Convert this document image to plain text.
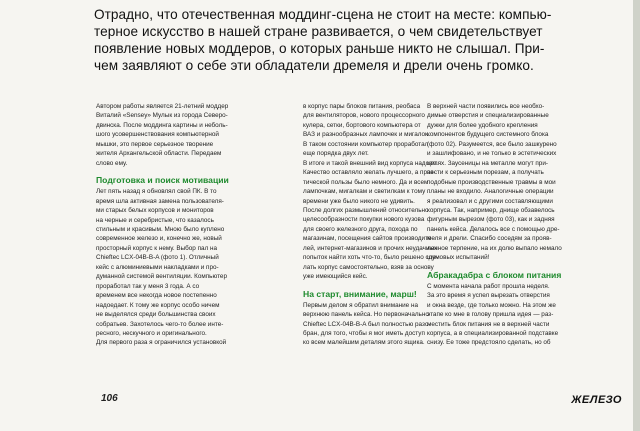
Отрадно, что отечественная моддинг-сцена не стоит на месте: компью-

терное искусство в нашей стране развивается, о чем свидетельствует

появление новых моддеров, о которых раньше никто не слышал. При-

чем заявляют о себе эти обладатели дремеля и дрели очень громко.

Автором работы является 21-летний моддер

Виталий «Sensey» Мулык из города Северо-

двинска. После моддинга картины и неболь-

шого усовершенствования компьютерной

мышки, это первое серьезное творение

жителя Архангельской области. Передаем

слово ему.

Подготовка и поиск мотивации

Лет пять назад я обновлял свой ПК. В то

время шла активная замена пользователя-

ми старых белых корпусов и мониторов

на черные и серебристые, что казалось

стильным и красивым. Мною было куплено

современное железо и, конечно же, новый

просторный корпус к нему. Выбор пал на

Chieftec LCX-04B-B-A (фото 1). Отличный

кейс с алюминиевыми накладками и про-

думанной системой вентиляции. Компьютер

проработал так у меня 3 года. А со

временем все некогда новое постепенно

надоедает. К тому же корпус особо ничем

не выделялся среди большинства своих

собратьев. Захотелось чего-то более инте-

ресного, нескучного и оригинального.

Для первого раза я ограничился установкой

в корпус пары блоков питания, реобаса

для вентиляторов, нового процессорного

кулера, сетки, бортового компьютера от

ВАЗ и разнообразных лампочек и мигалок.

В таком состоянии компьютер проработал

еще порядка двух лет.

В итоге и такой внешний вид корпуса надоел.

Качество оставляло желать лучшего, а прак-

тической пользы было немного. Да и всем

лампочкам, мигалкам и светилкам к тому

времени уже было никого не удивить.

После долгих размышлений относительно

целесообразности покупки нового кузова

для своего железного друга, похода по

магазинам, посещения сайтов производите-

лей, интернет-магазинов и прочих неудачных

попыток найти хоть что-то, было решено сде-

лать корпус самостоятельно, взяв за основу

уже имеющийся кейс.

На старт, внимание, марш!

Первым делом я обратил внимание на

верхнюю панель кейса. Но первоначально

Chieftec LCX-04B-B-A был полностью разо-

бран, для того, чтобы я мог иметь доступ

ко всем малейшим деталям этого ящика.

В верхней части появились все необхо-

димые отверстия и специализированные

дужки для более удобного крепления

компонентов будущего системного блока

(фото 02). Разумеется, все было зашкурено

и зашлифовано, и не только в эстетических

целях. Заусеницы на металле могут при-

вести к серьезным порезам, а получать

подобные производственные травмы в мои

планы не входило. Аналогичные операции

я реализовал и с другими составляющими

корпуса. Так, например, днище обзавелось

фигурным вырезом (фото 03), как и задняя

панель кейса. Делалось все с помощью дре-

меля и дрели. Спасибо соседям за прояв-

ленное терпение, на их долю выпало немало

шумовых испытаний!

Абракадабра с блоком питания

С момента начала работ прошла неделя.

За это время я успел вырезать отверстия

и окна везде, где только можно. На этом же

этапе ко мне в голову пришла идея — раз-

местить блок питания не в верхней части

корпуса, а в специализированной подставке

снизу. Ее тоже предстояло сделать, но об

106	ЖЕЛЕЗО
